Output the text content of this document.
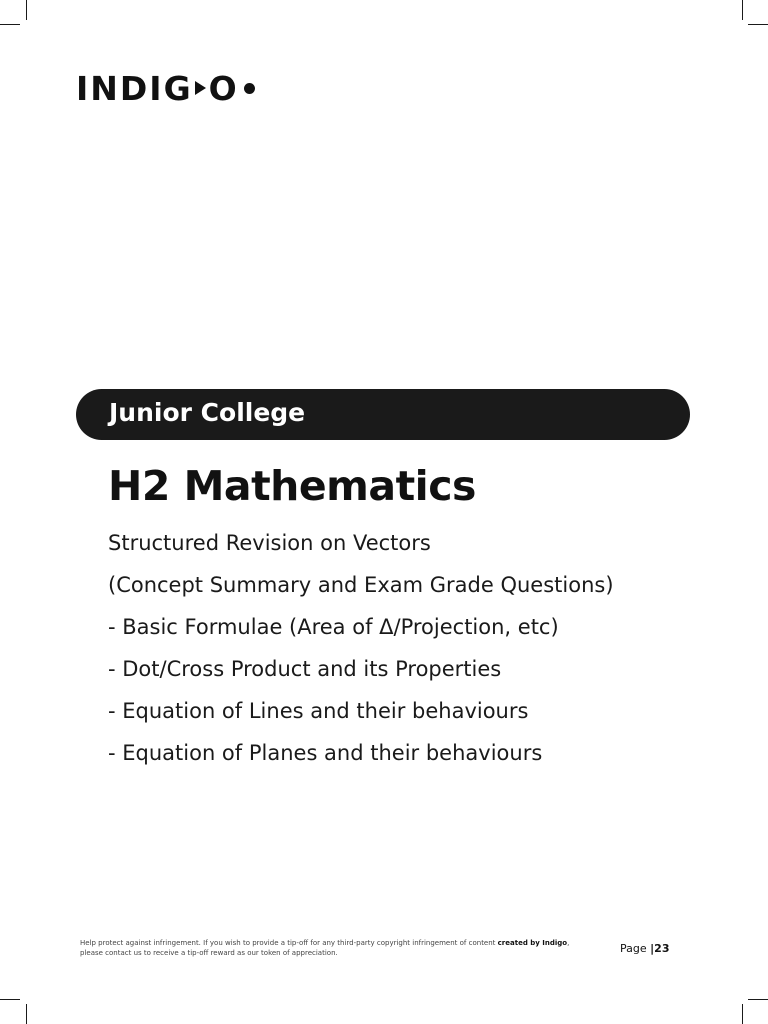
INDIG O
Junior College
H2 Mathematics
Structured Revision on Vectors
(Concept Summary and Exam Grade Questions)
- Basic Formulae (Area of Δ/Projection, etc)
- Dot/Cross Product and its Properties
- Equation of Lines and their behaviours
- Equation of Planes and their behaviours
Help protect against infringement. If you wish to provide a tip-off for any third-party copyright infringement of content created by Indigo, please contact us to receive a tip-off reward as our token of appreciation.	Page |23
